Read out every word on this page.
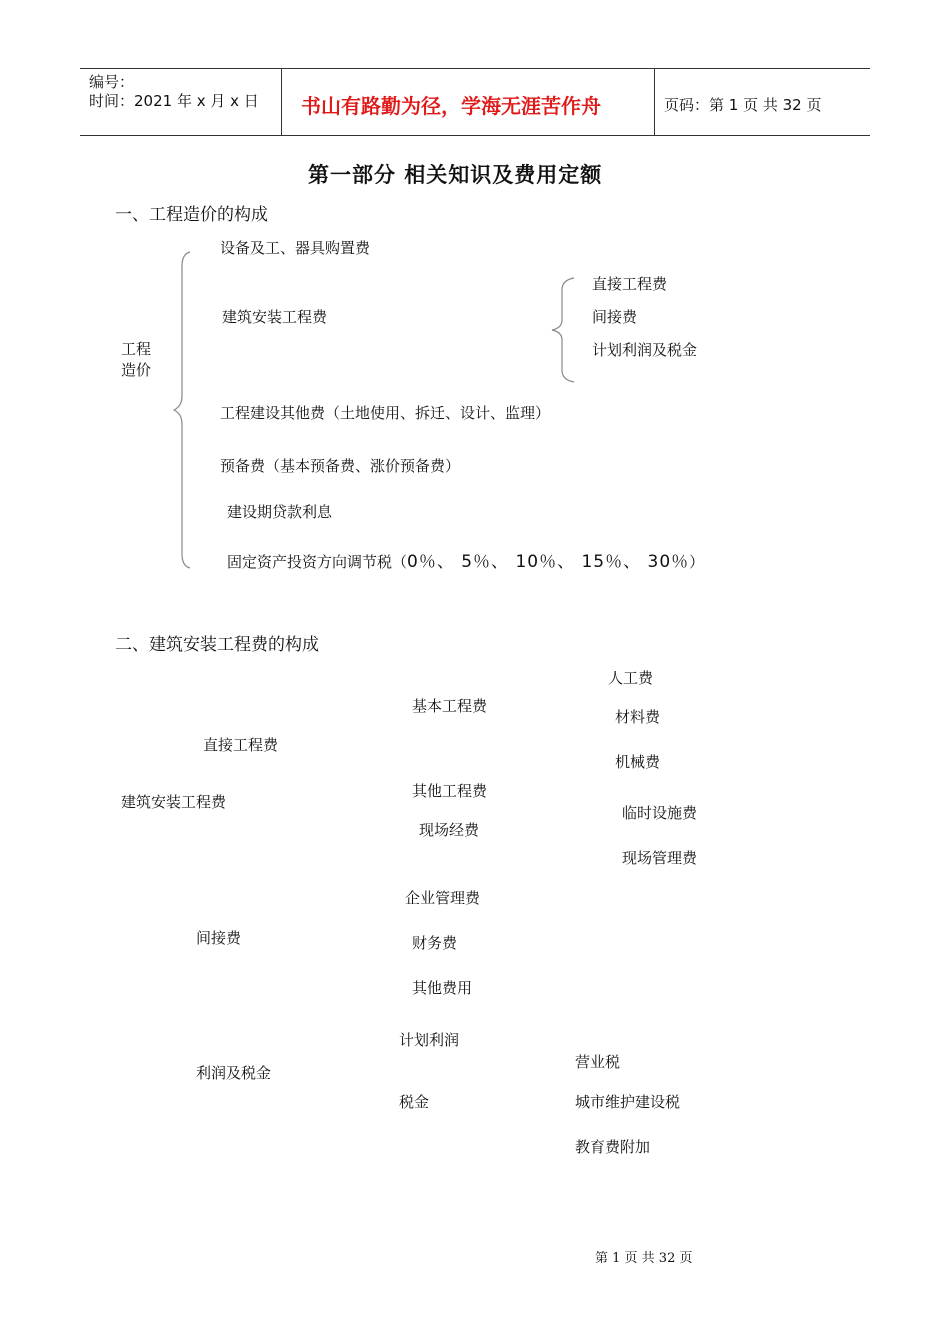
编号：
时间：2021 年 x 月 x 日 书山有路勤为径，学海无涯苦作舟	页码：第 1 页 共 32 页
第一部分 相关知识及费用定额
一、工程造价的构成
工程
造价
设备及工、器具购置费
建筑安装工程费
工程建设其他费（土地使用、拆迁、设计、监理）
预备费（基本预备费、涨价预备费）
建设期贷款利息
固定资产投资方向调节税（0％、 5％、 10％、 15％、 30％）
直接工程费
间接费
计划利润及税金
二、建筑安装工程费的构成
建筑安装工程费
直接工程费
间接费
利润及税金
基本工程费
其他工程费
现场经费
企业管理费
财务费
其他费用
计划利润
税金
人工费
材料费
机械费
临时设施费
现场管理费
营业税
城市维护建设税
教育费附加
第 1 页 共 32 页
